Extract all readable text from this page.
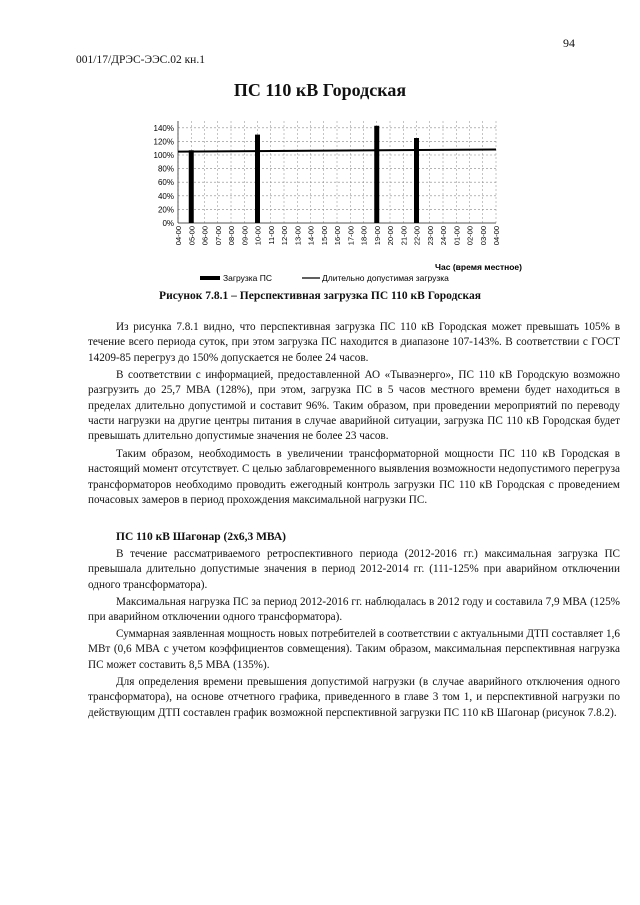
94
001/17/ДРЭС-ЭЭС.02 кн.1
ПС 110 кВ Городская
0%
20%
40%
60%
80%
100%
120%
140%
04-00 05-00 06-00 07-00 08-00 09-00 10-00 11-00 12-00 13-00 14-00 15-00 16-00 17-00 18-00 19-00 20-00 21-00 22-00 23-00 24-00 01-00 02-00 03-00 04-00
Час (время местное)
Загрузка ПС	Длительно допустимая загрузка
Рисунок 7.8.1 – Перспективная загрузка ПС 110 кВ Городская

Из рисунка 7.8.1 видно, что перспективная загрузка ПС 110 кВ Городская может превышать 105% в течение всего периода суток, при этом загрузка ПС находится в диапазоне 107-143%. В соответствии с ГОСТ 14209-85 перегруз до 150% допускается не более 24 часов.

В соответствии с информацией, предоставленной АО «Тываэнерго», ПС 110 кВ Городскую возможно разгрузить до 25,7 МВА (128%), при этом, загрузка ПС в 5 часов местного времени будет находиться в пределах длительно допустимой и составит 96%. Таким образом, при проведении мероприятий по переводу части нагрузки на другие центры питания в случае аварийной ситуации, загрузка ПС 110 кВ Городская будет превышать длительно допустимые значения не более 23 часов.

Таким образом, необходимость в увеличении трансформаторной мощности ПС 110 кВ Городская в настоящий момент отсутствует. С целью заблаговременного выявления возможности недопустимого перегруза трансформаторов необходимо проводить ежегодный контроль загрузки ПС 110 кВ Городская с проведением почасовых замеров в период прохождения максимальной нагрузки ПС.

ПС 110 кВ Шагонар (2х6,3 МВА)

В течение рассматриваемого ретроспективного периода (2012-2016 гг.) максимальная загрузка ПС превышала длительно допустимые значения в период 2012-2014 гг. (111-125% при аварийном отключении одного трансформатора).

Максимальная нагрузка ПС за период 2012-2016 гг. наблюдалась в 2012 году и составила 7,9 МВА (125% при аварийном отключении одного трансформатора).

Суммарная заявленная мощность новых потребителей в соответствии с актуальными ДТП составляет 1,6 МВт (0,6 МВА с учетом коэффициентов совмещения). Таким образом, максимальная перспективная нагрузка ПС может составить 8,5 МВА (135%).

Для определения времени превышения допустимой нагрузки (в случае аварийного отключения одного трансформатора), на основе отчетного графика, приведенного в главе 3 том 1, и перспективной нагрузки по действующим ДТП составлен график возможной перспективной загрузки ПС 110 кВ Шагонар (рисунок 7.8.2).
